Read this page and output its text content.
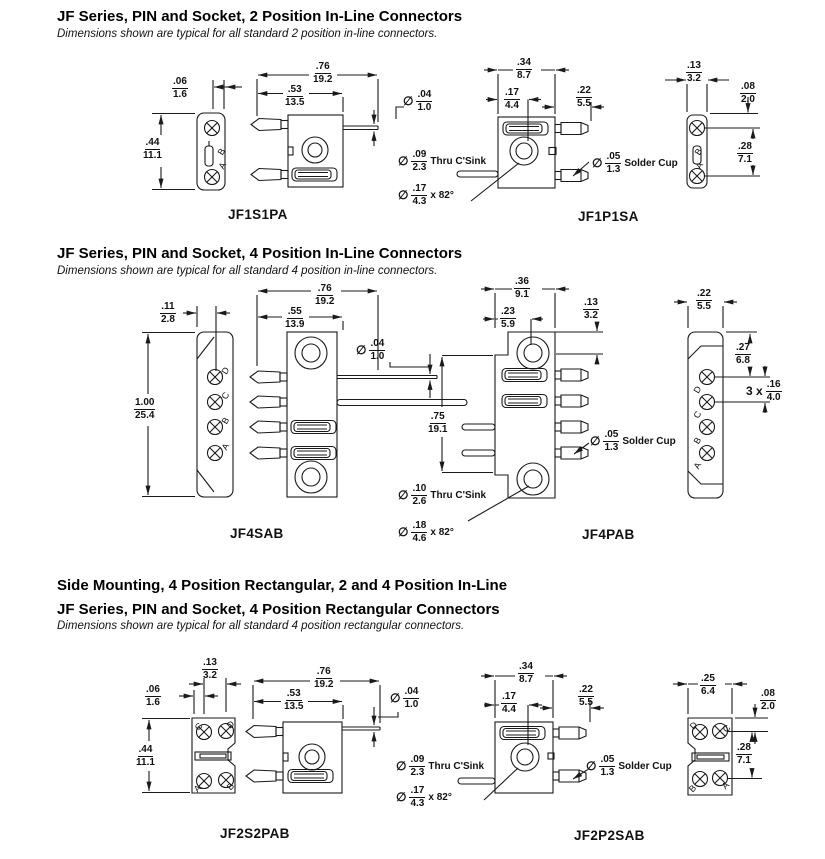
B
A
B
A
D
C
B
A
D
C
B
A
C D
A B
D C
B A
JF Series, PIN and Socket, 2 Position In-Line Connectors
Dimensions shown are typical for all standard 2 position in-line connectors.
JF Series, PIN and Socket, 4 Position In-Line Connectors
Dimensions shown are typical for all standard 4 position in-line connectors.
Side Mounting, 4 Position Rectangular, 2 and 4 Position In-Line
JF Series, PIN and Socket, 4 Position Rectangular Connectors
Dimensions shown are typical for all standard 4 position rectangular connectors.
$\frac{.06}{1.6}$
$\frac{.44}{11.1}$
$\frac{.76}{19.2}$
$\frac{.53}{13.5}$	∅ $\frac{.04}{1.0}$
$\frac{.34}{8.7}$
$\frac{.17}{4.4}$	$\frac{.22}{5.5}$
∅ $\frac{.09}{2.3}$ Thru C'Sink
∅ $\frac{.17}{4.3}$ x 82°
∅ $\frac{.05}{1.3}$ Solder Cup
$\frac{.13}{3.2}$
$\frac{.08}{2.0}$
$\frac{.28}{7.1}$
JF1S1PA	JF1P1SA
$\frac{.11}{2.8}$
$\frac{1.00}{25.4}$
$\frac{.76}{19.2}$
$\frac{.55}{13.9}$
∅ $\frac{.04}{1.0}$
$\frac{.36}{9.1}$
$\frac{.23}{5.9}$	$\frac{.13}{3.2}$
$\frac{.75}{19.1}$
∅ $\frac{.10}{2.6}$ Thru C'Sink
∅ $\frac{.18}{4.6}$ x 82°
∅ $\frac{.05}{1.3}$ Solder Cup
$\frac{.22}{5.5}$
$\frac{.27}{6.8}$
3 x $\frac{.16}{4.0}$
JF4SAB	JF4PAB
$\frac{.13}{3.2}$
$\frac{.06}{1.6}$
$\frac{.44}{11.1}$
$\frac{.76}{19.2}$
$\frac{.53}{13.5}$	∅ $\frac{.04}{1.0}$
$\frac{.34}{8.7}$
$\frac{.17}{4.4}$	$\frac{.22}{5.5}$
∅ $\frac{.09}{2.3}$ Thru C'Sink
∅ $\frac{.17}{4.3}$ x 82°
∅ $\frac{.05}{1.3}$ Solder Cup
$\frac{.25}{6.4}$
$\frac{.08}{2.0}$
$\frac{.28}{7.1}$
JF2S2PAB	JF2P2SAB
